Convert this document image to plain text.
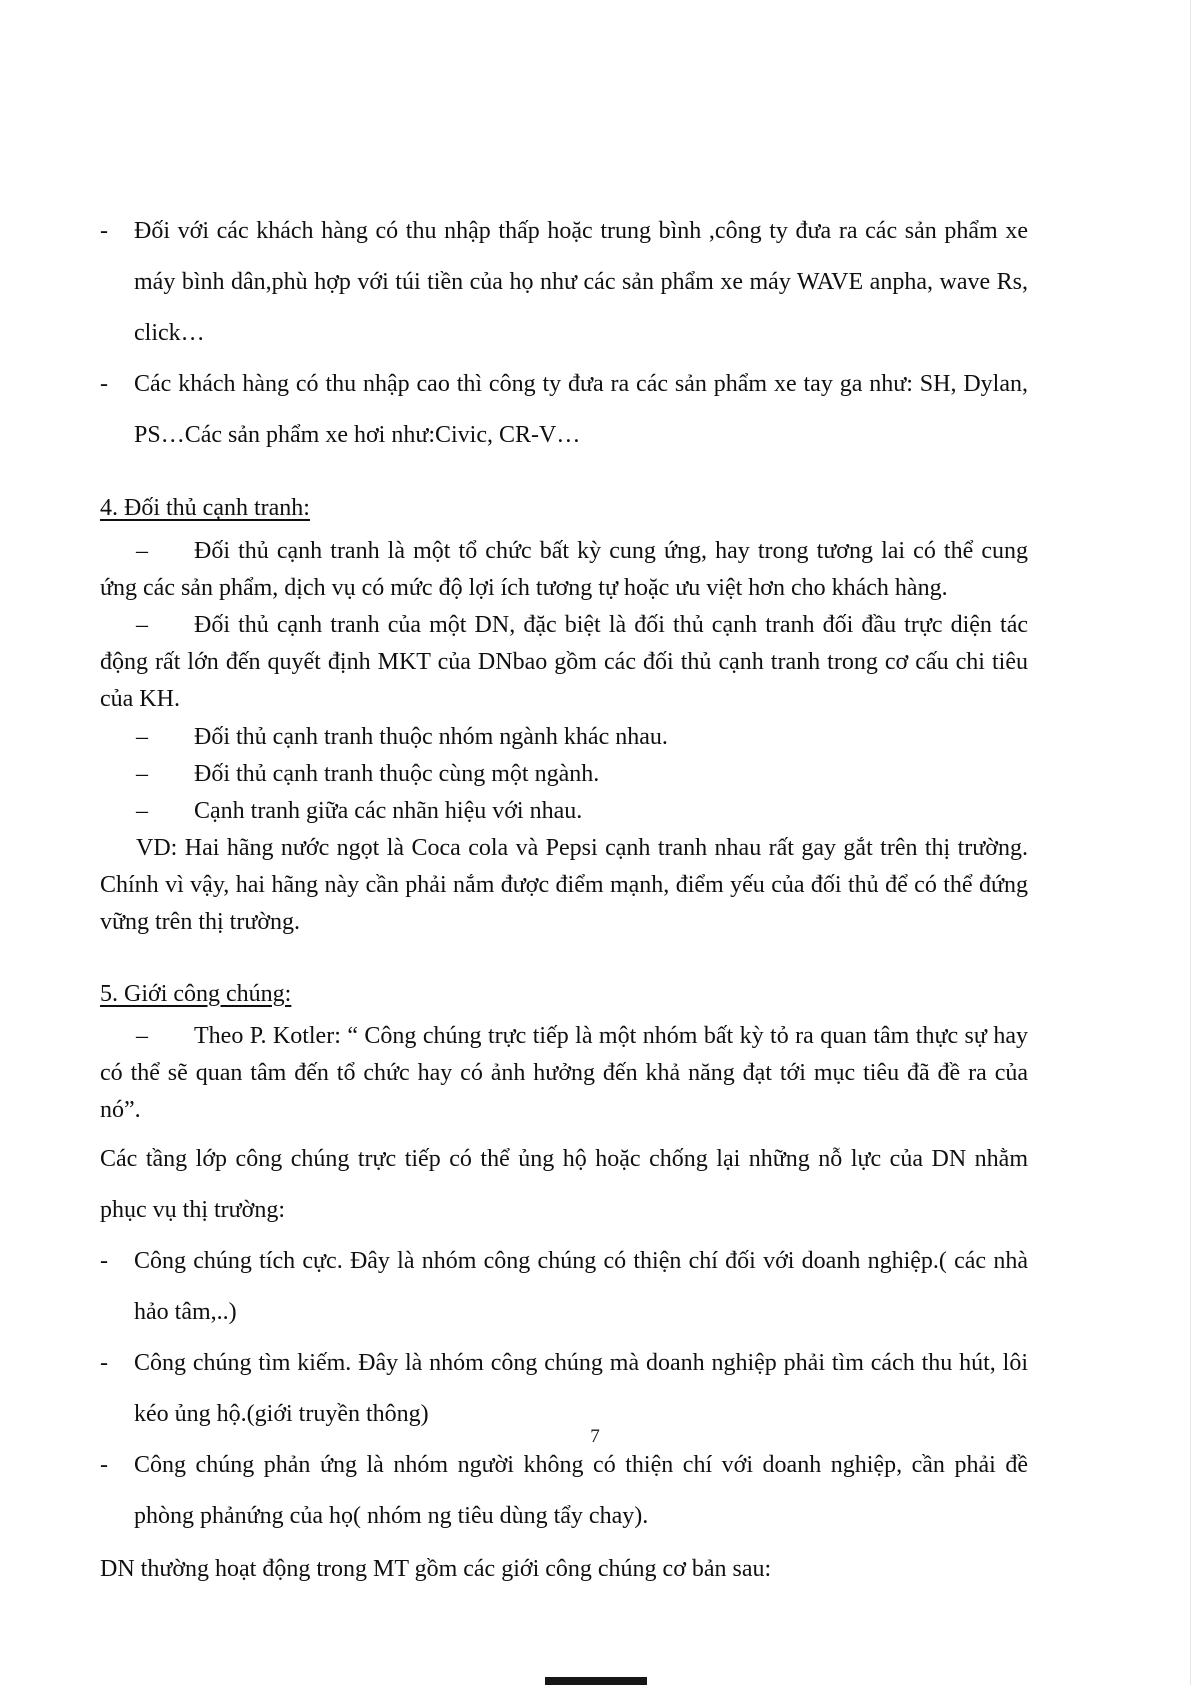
- Đối với các khách hàng có thu nhập thấp hoặc trung bình ,công ty đưa ra các sản phẩm xe máy bình dân,phù hợp với túi tiền của họ như các sản phẩm xe máy WAVE anpha, wave Rs, click…

- Các khách hàng có thu nhập cao thì công ty đưa ra các sản phẩm xe tay ga như: SH, Dylan, PS…Các sản phẩm xe hơi như:Civic, CR-V…

4. Đối thủ cạnh tranh:

– Đối thủ cạnh tranh là một tổ chức bất kỳ cung ứng, hay trong tương lai có thể cung ứng các sản phẩm, dịch vụ có mức độ lợi ích tương tự hoặc ưu việt hơn cho khách hàng.

– Đối thủ cạnh tranh của một DN, đặc biệt là đối thủ cạnh tranh đối đầu trực diện tác động rất lớn đến quyết định MKT của DNbao gồm các đối thủ cạnh tranh trong cơ cấu chi tiêu của KH.

– Đối thủ cạnh tranh thuộc nhóm ngành khác nhau.

– Đối thủ cạnh tranh thuộc cùng một ngành.

– Cạnh tranh giữa các nhãn hiệu với nhau.

VD: Hai hãng nước ngọt là Coca cola và Pepsi cạnh tranh nhau rất gay gắt trên thị trường. Chính vì vậy, hai hãng này cần phải nắm được điểm mạnh, điểm yếu của đối thủ để có thể đứng vững trên thị trường.

5. Giới công chúng:

– Theo P. Kotler: “ Công chúng trực tiếp là một nhóm bất kỳ tỏ ra quan tâm thực sự hay có thể sẽ quan tâm đến tổ chức hay có ảnh hưởng đến khả năng đạt tới mục tiêu đã đề ra của nó”.

Các tầng lớp công chúng trực tiếp có thể ủng hộ hoặc chống lại những nỗ lực của DN nhằm phục vụ thị trường:

- Công chúng tích cực. Đây là nhóm công chúng có thiện chí đối với doanh nghiệp.( các nhà hảo tâm,..)

- Công chúng tìm kiếm. Đây là nhóm công chúng mà doanh nghiệp phải tìm cách thu hút, lôi kéo ủng hộ.(giới truyền thông)

- Công chúng phản ứng là nhóm người không có thiện chí với doanh nghiệp, cần phải đề phòng phảnứng của họ( nhóm ng tiêu dùng tẩy chay).

DN thường hoạt động trong MT gồm các giới công chúng cơ bản sau:

7
